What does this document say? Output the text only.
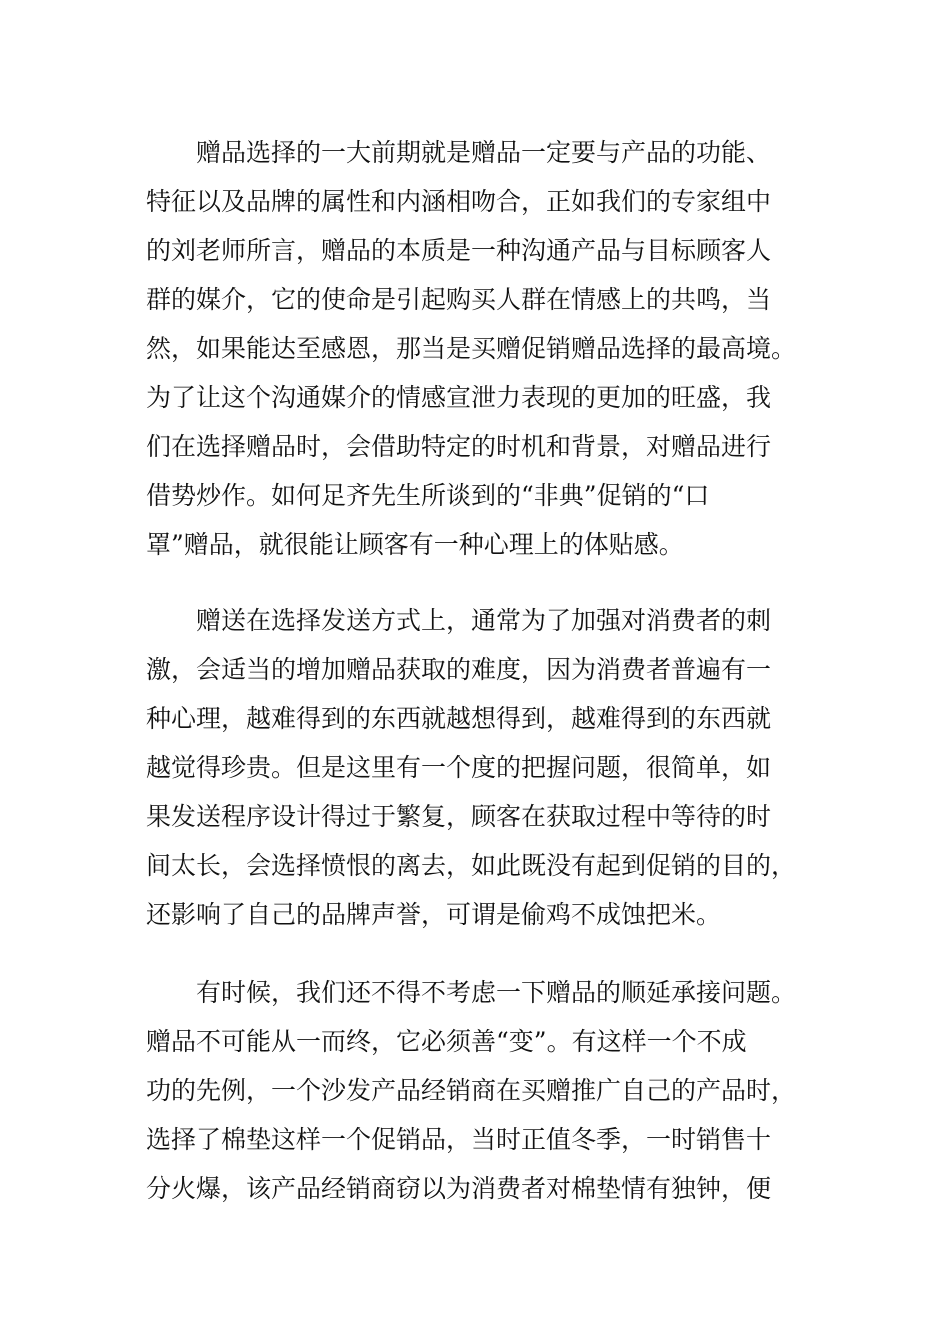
赠品选择的一大前期就是赠品一定要与产品的功能、
特征以及品牌的属性和内涵相吻合，正如我们的专家组中
的刘老师所言，赠品的本质是一种沟通产品与目标顾客人
群的媒介，它的使命是引起购买人群在情感上的共鸣，当
然，如果能达至感恩，那当是买赠促销赠品选择的最高境。
为了让这个沟通媒介的情感宣泄力表现的更加的旺盛，我
们在选择赠品时，会借助特定的时机和背景，对赠品进行
借势炒作。如何足齐先生所谈到的“非典”促销的“口
罩”赠品，就很能让顾客有一种心理上的体贴感。
赠送在选择发送方式上，通常为了加强对消费者的刺
激，会适当的增加赠品获取的难度，因为消费者普遍有一
种心理，越难得到的东西就越想得到，越难得到的东西就
越觉得珍贵。但是这里有一个度的把握问题，很简单，如
果发送程序设计得过于繁复，顾客在获取过程中等待的时
间太长，会选择愤恨的离去，如此既没有起到促销的目的，
还影响了自己的品牌声誉，可谓是偷鸡不成蚀把米。
有时候，我们还不得不考虑一下赠品的顺延承接问题。
赠品不可能从一而终，它必须善“变”。有这样一个不成
功的先例，一个沙发产品经销商在买赠推广自己的产品时，
选择了棉垫这样一个促销品，当时正值冬季，一时销售十
分火爆，该产品经销商窃以为消费者对棉垫情有独钟，便
